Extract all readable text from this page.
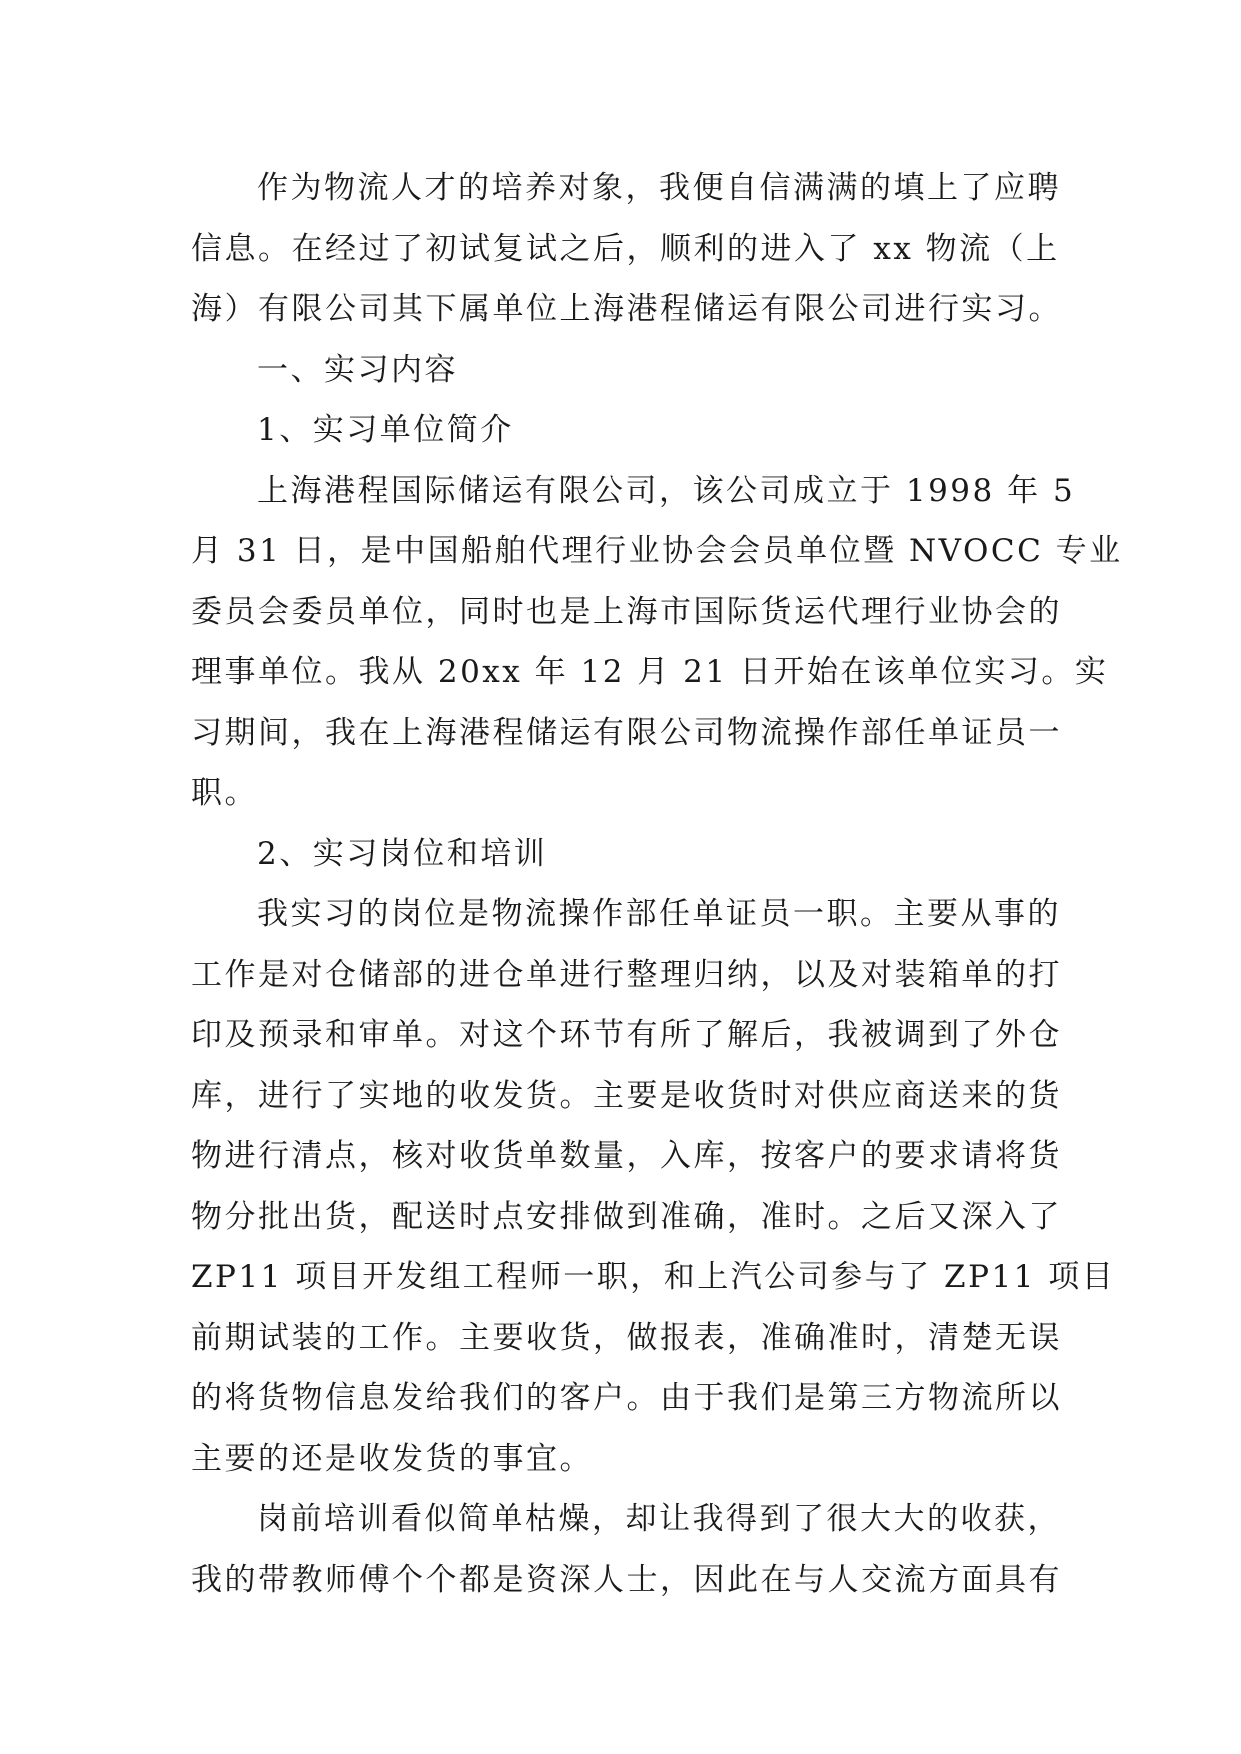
作为物流人才的培养对象，我便自信满满的填上了应聘
信息。在经过了初试复试之后，顺利的进入了 xx 物流（上
海）有限公司其下属单位上海港程储运有限公司进行实习。
一、实习内容
1、实习单位简介
上海港程国际储运有限公司，该公司成立于 1998 年 5
月 31 日，是中国船舶代理行业协会会员单位暨 NVOCC 专业
委员会委员单位，同时也是上海市国际货运代理行业协会的
理事单位。我从 20xx 年 12 月 21 日开始在该单位实习。实
习期间，我在上海港程储运有限公司物流操作部任单证员一
职。
2、实习岗位和培训
我实习的岗位是物流操作部任单证员一职。主要从事的
工作是对仓储部的进仓单进行整理归纳，以及对装箱单的打
印及预录和审单。对这个环节有所了解后，我被调到了外仓
库，进行了实地的收发货。主要是收货时对供应商送来的货
物进行清点，核对收货单数量，入库，按客户的要求请将货
物分批出货，配送时点安排做到准确，准时。之后又深入了
ZP11 项目开发组工程师一职，和上汽公司参与了 ZP11 项目
前期试装的工作。主要收货，做报表，准确准时，清楚无误
的将货物信息发给我们的客户。由于我们是第三方物流所以
主要的还是收发货的事宜。
岗前培训看似简单枯燥，却让我得到了很大大的收获，
我的带教师傅个个都是资深人士，因此在与人交流方面具有
